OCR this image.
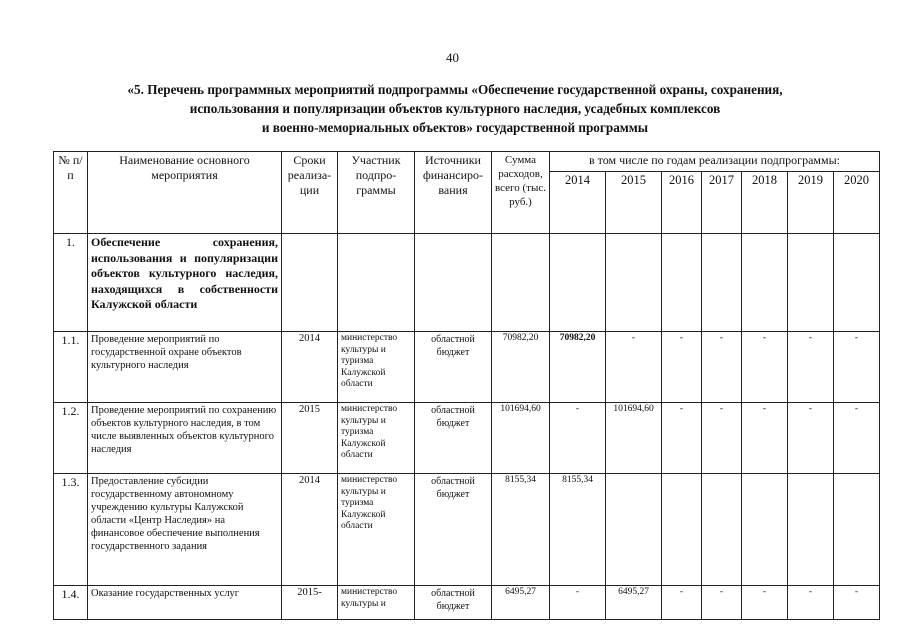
40
«5. Перечень программных мероприятий подпрограммы «Обеспечение государственной охраны, сохранения,
использования и популяризации объектов культурного наследия, усадебных комплексов
и военно-мемориальных объектов» государственной программы
№ п/п	Наименование основного мероприятия	Сроки реализа-ции	Участник подпро-граммы	Источники финансиро-вания	Сумма расходов, всего (тыс. руб.)	в том числе по годам реализации подпрограммы:						
						2014	2015	2016	2017	2018	2019	2020
1.	Обеспечение сохранения, использования и популяризации объектов культурного наследия, находящихся в собственности Калужской области											
1.1.	Проведение мероприятий по государственной охране объектов культурного наследия	2014	министерство культуры и туризма Калужской области	областной бюджет	70982,20	70982,20	-	-	-	-	-	-
1.2.	Проведение мероприятий по сохранению объектов культурного наследия, в том числе выявленных объектов культурного наследия	2015	министерство культуры и туризма Калужской области	областной бюджет	101694,60	-	101694,60	-	-	-	-	-
1.3.	Предоставление субсидии государственному автономному учреждению культуры Калужской области «Центр Наследия» на финансовое обеспечение выполнения государственного задания	2014	министерство культуры и туризма Калужской области	областной бюджет	8155,34	8155,34						
1.4.	Оказание государственных услуг	2015-	министерство культуры и	областной бюджет	6495,27	-	6495,27	-	-	-	-	-
